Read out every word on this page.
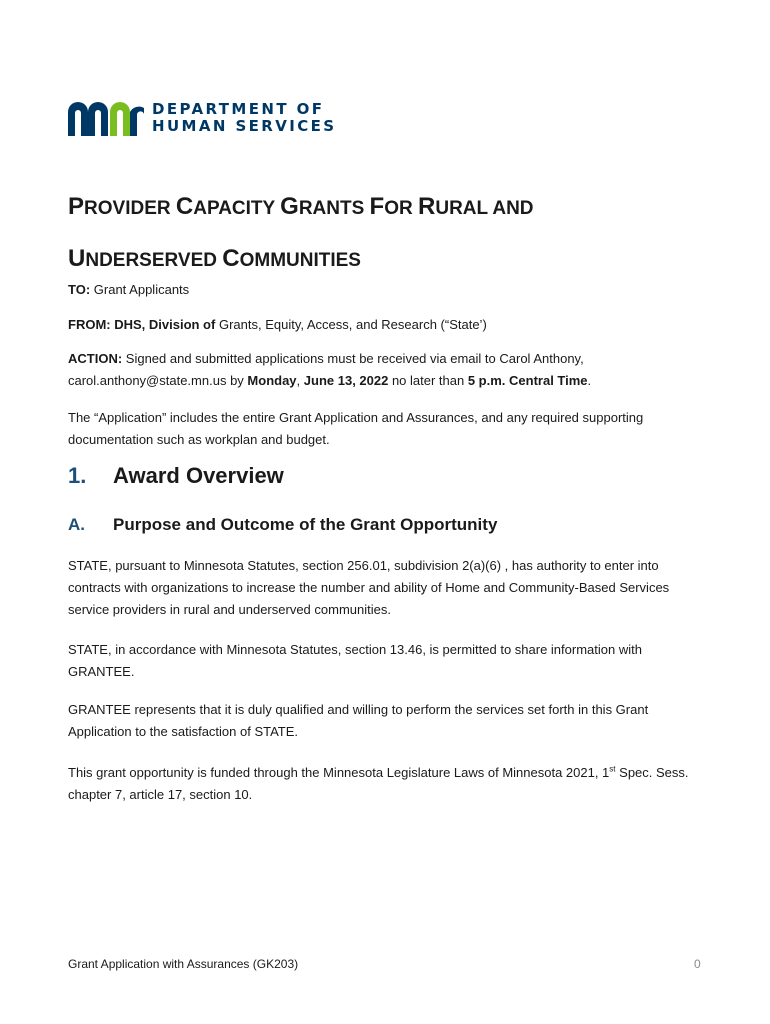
DEPARTMENT OF
HUMAN SERVICES
PROVIDER CAPACITY GRANTS FOR RURAL AND
UNDERSERVED COMMUNITIES

TO: Grant Applicants

FROM: DHS, Division of Grants, Equity, Access, and Research (“State’)

ACTION: Signed and submitted applications must be received via email to Carol Anthony,
carol.anthony@state.mn.us by Monday, June 13, 2022 no later than 5 p.m. Central Time.

The “Application” includes the entire Grant Application and Assurances, and any required supporting documentation such as workplan and budget.

1. Award Overview
A. Purpose and Outcome of the Grant Opportunity

STATE, pursuant to Minnesota Statutes, section 256.01, subdivision 2(a)(6) , has authority to enter into contracts with organizations to increase the number and ability of Home and Community-Based Services service providers in rural and underserved communities.

STATE, in accordance with Minnesota Statutes, section 13.46, is permitted to share information with GRANTEE.

GRANTEE represents that it is duly qualified and willing to perform the services set forth in this Grant Application to the satisfaction of STATE.

This grant opportunity is funded through the Minnesota Legislature Laws of Minnesota 2021, 1st Spec. Sess. chapter 7, article 17, section 10.

Grant Application with Assurances (GK203)	0
